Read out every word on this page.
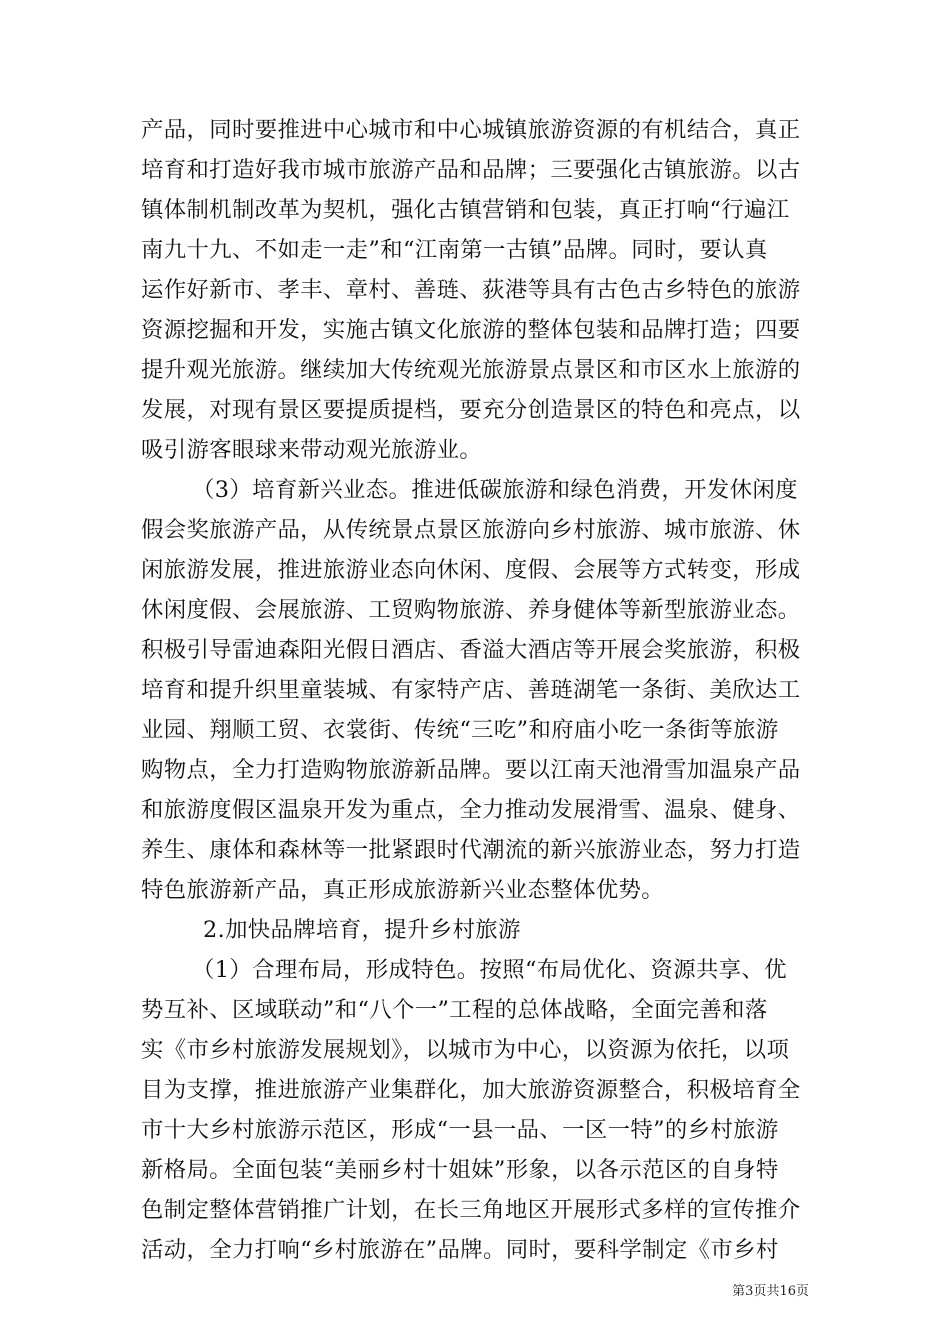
产品，同时要推进中心城市和中心城镇旅游资源的有机结合，真正
培育和打造好我市城市旅游产品和品牌；三要强化古镇旅游。以古
镇体制机制改革为契机，强化古镇营销和包装，真正打响“行遍江
南九十九、不如走一走”和“江南第一古镇”品牌。同时，要认真
运作好新市、孝丰、章村、善琏、荻港等具有古色古乡特色的旅游
资源挖掘和开发，实施古镇文化旅游的整体包装和品牌打造；四要
提升观光旅游。继续加大传统观光旅游景点景区和市区水上旅游的
发展，对现有景区要提质提档，要充分创造景区的特色和亮点，以
吸引游客眼球来带动观光旅游业。
（3）培育新兴业态。推进低碳旅游和绿色消费，开发休闲度
假会奖旅游产品，从传统景点景区旅游向乡村旅游、城市旅游、休
闲旅游发展，推进旅游业态向休闲、度假、会展等方式转变，形成
休闲度假、会展旅游、工贸购物旅游、养身健体等新型旅游业态。
积极引导雷迪森阳光假日酒店、香溢大酒店等开展会奖旅游，积极
培育和提升织里童装城、有家特产店、善琏湖笔一条街、美欣达工
业园、翔顺工贸、衣裳街、传统“三吃”和府庙小吃一条街等旅游
购物点，全力打造购物旅游新品牌。要以江南天池滑雪加温泉产品
和旅游度假区温泉开发为重点，全力推动发展滑雪、温泉、健身、
养生、康体和森林等一批紧跟时代潮流的新兴旅游业态，努力打造
特色旅游新产品，真正形成旅游新兴业态整体优势。
2.加快品牌培育，提升乡村旅游
（1）合理布局，形成特色。按照“布局优化、资源共享、优
势互补、区域联动”和“八个一”工程的总体战略，全面完善和落
实《市乡村旅游发展规划》，以城市为中心，以资源为依托，以项
目为支撑，推进旅游产业集群化，加大旅游资源整合，积极培育全
市十大乡村旅游示范区，形成“一县一品、一区一特”的乡村旅游
新格局。全面包装“美丽乡村十姐妹”形象，以各示范区的自身特
色制定整体营销推广计划，在长三角地区开展形式多样的宣传推介
活动，全力打响“乡村旅游在”品牌。同时，要科学制定《市乡村
第3页共16页
